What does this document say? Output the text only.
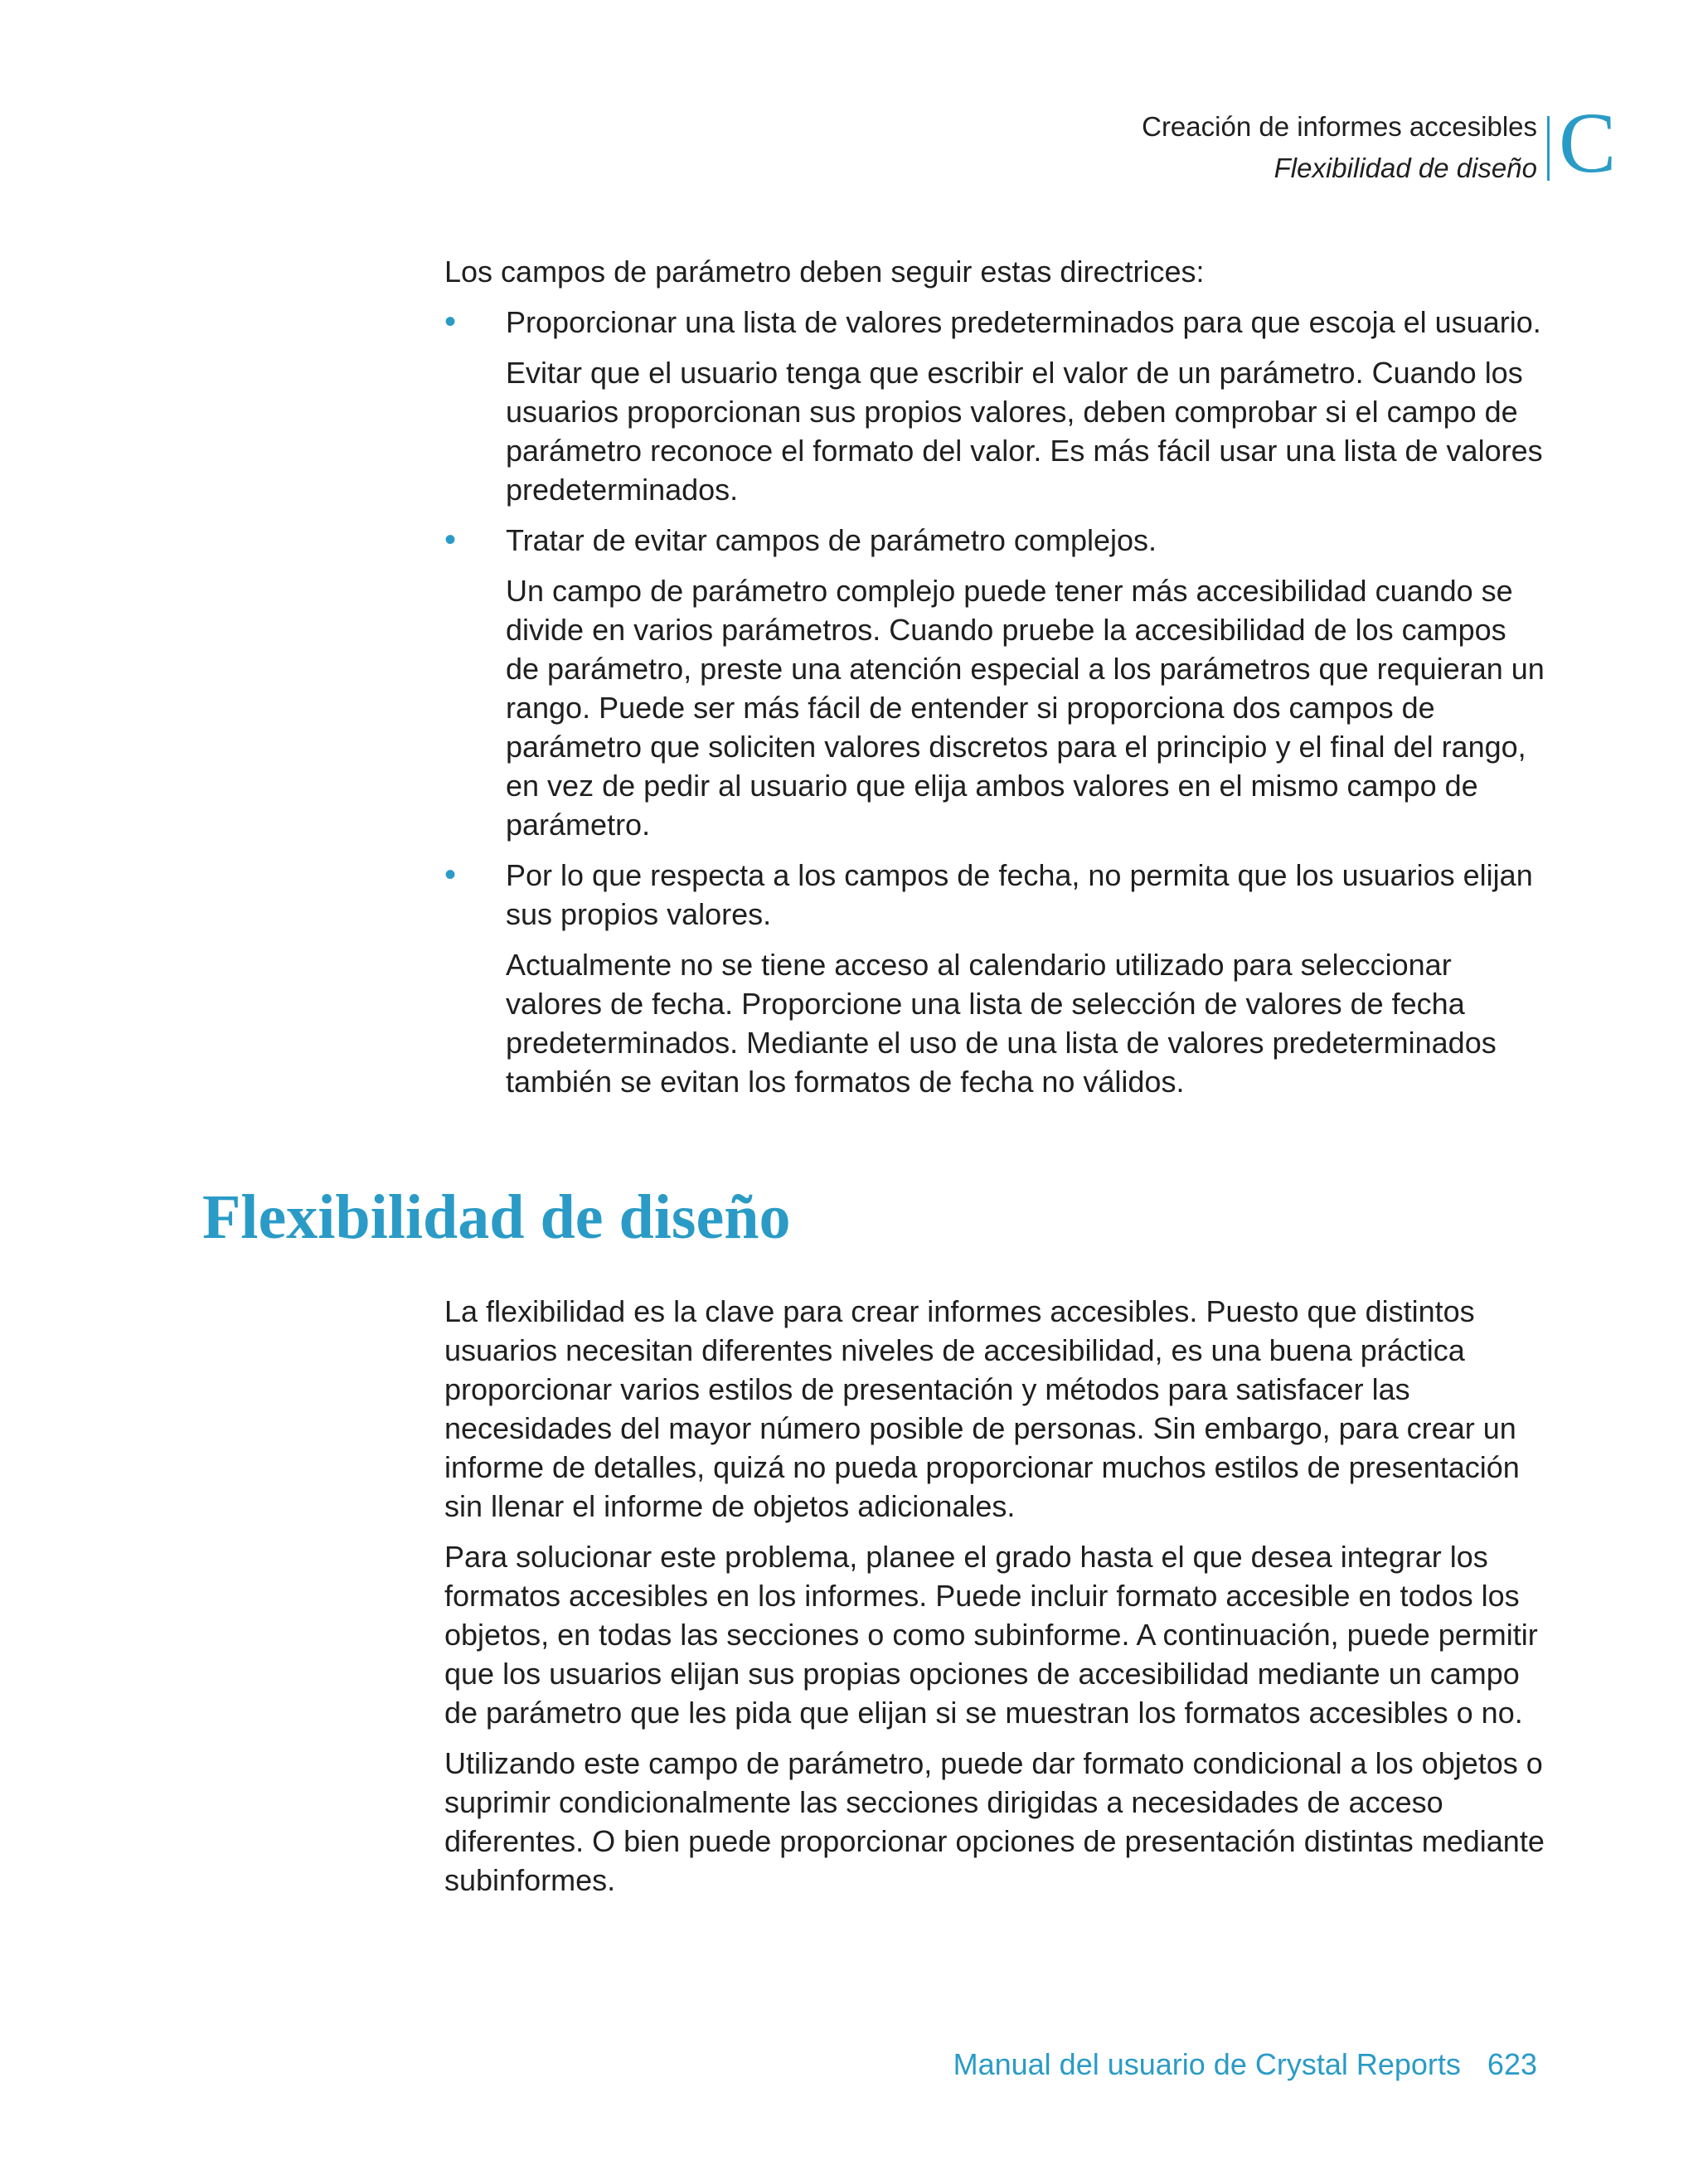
Creación de informes accesibles
Flexibilidad de diseño C

Los campos de parámetro deben seguir estas directrices:

• Proporcionar una lista de valores predeterminados para que escoja el usuario.

Evitar que el usuario tenga que escribir el valor de un parámetro. Cuando los usuarios proporcionan sus propios valores, deben comprobar si el campo de parámetro reconoce el formato del valor. Es más fácil usar una lista de valores predeterminados.

• Tratar de evitar campos de parámetro complejos.

Un campo de parámetro complejo puede tener más accesibilidad cuando se divide en varios parámetros. Cuando pruebe la accesibilidad de los campos de parámetro, preste una atención especial a los parámetros que requieran un rango. Puede ser más fácil de entender si proporciona dos campos de parámetro que soliciten valores discretos para el principio y el final del rango, en vez de pedir al usuario que elija ambos valores en el mismo campo de parámetro.

• Por lo que respecta a los campos de fecha, no permita que los usuarios elijan sus propios valores.

Actualmente no se tiene acceso al calendario utilizado para seleccionar valores de fecha. Proporcione una lista de selección de valores de fecha predeterminados. Mediante el uso de una lista de valores predeterminados también se evitan los formatos de fecha no válidos.

Flexibilidad de diseño

La flexibilidad es la clave para crear informes accesibles. Puesto que distintos usuarios necesitan diferentes niveles de accesibilidad, es una buena práctica proporcionar varios estilos de presentación y métodos para satisfacer las necesidades del mayor número posible de personas. Sin embargo, para crear un informe de detalles, quizá no pueda proporcionar muchos estilos de presentación sin llenar el informe de objetos adicionales.

Para solucionar este problema, planee el grado hasta el que desea integrar los formatos accesibles en los informes. Puede incluir formato accesible en todos los objetos, en todas las secciones o como subinforme. A continuación, puede permitir que los usuarios elijan sus propias opciones de accesibilidad mediante un campo de parámetro que les pida que elijan si se muestran los formatos accesibles o no.

Utilizando este campo de parámetro, puede dar formato condicional a los objetos o suprimir condicionalmente las secciones dirigidas a necesidades de acceso diferentes. O bien puede proporcionar opciones de presentación distintas mediante subinformes.

Manual del usuario de Crystal Reports 623
